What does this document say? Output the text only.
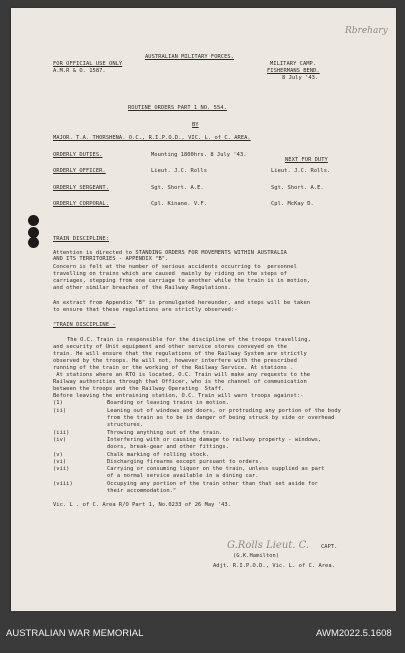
Rbrehary
AUSTRALIAN MILITARY FORCES.
FOR OFFICIAL USE ONLY
A.M.R & O. 1587.
MILITARY CAMP.
FISHERMANS BEND.
8 July '43.
ROUTINE ORDERS PART 1 NO. 554.
BY
MAJOR. T.A. THORSHENA. O.C., R.I.P.O.D., VIC. L. of C. AREA.
NEXT FOR DUTY
ORDERLY DUTIES.	Mounting 1800hrs. 8 July '43.
ORDERLY OFFICER.	Lieut. J.C. Rolls	Lieut. J.C. Rolls.
ORDERLY SERGEANT.	Sgt. Short. A.E.	Sgt. Short. A.E.
ORDERLY CORPORAL.	Cpl. Kinane. V.F.	Cpl. McKay D.
TRAIN DISCIPLINE:
Attention is directed to STANDING ORDERS FOR MOVEMENTS WITHIN AUSTRALIA
AND ITS TERRITORIES - APPENDIX "B".
Concern is felt at the number of serious accidents occurring to  personnel
travelling on trains which are caused  mainly by riding on the steps of
carriages, stepping from one carriage to another while the train is in motion,
and other similar breaches of the Railway Regulations.
An extract from Appendix "B" is promulgated hereunder, and steps will be taken
to ensure that these regulations are strictly observed:-
"TRAIN DISCIPLINE -
The O.C. Train is responsible for the discipline of the troops travelling,
and security of Unit equipment and other service stores conveyed on the
train. He will ensure that the regulations of the Railway System are strictly
observed by the troops. He will not, however interfere with the prescribed
running of the train or the working of the Railway Service. At stations .
At stations where an RTO is located, O.C. Train will make any requests to the
Railway authorities through that Officer, who is the channel of communication
between the troops and the Railway Operating  Staff.
Before leaving the entraining station, O.C. Train will warn troops against:-
(1)	Boarding or leaving trains in motion.
(ii)	Leaning out of windows and doors, or protruding any portion of the body
from the train as to be in danger of being struck by side or overhead
structures.
(iii)	Throwing anything out of the train.
(iv)	Interfering with or causing damage to railway property - windows,
doors, break-gear and other fittings.
(v)	Chalk marking of rolling stock.
(vi)	Discharging firearms except pursuant to orders.
(vii)	Carrying or consuming liquor on the train, unless supplied as part
of a normal service available in a dining car.
(viii)	Occupying any portion of the train other than that set aside for
their accommodation."
Vic. L . of C. Area R/O Part 1, No.0233 of 26 May '43.
G.Rolls Lieut. C. CAPT.
(G.K.Hamilton)
Adjt. R.I.P.O.D., Vic. L. of C. Area.
AUSTRALIAN WAR MEMORIAL	AWM2022.5.1608
